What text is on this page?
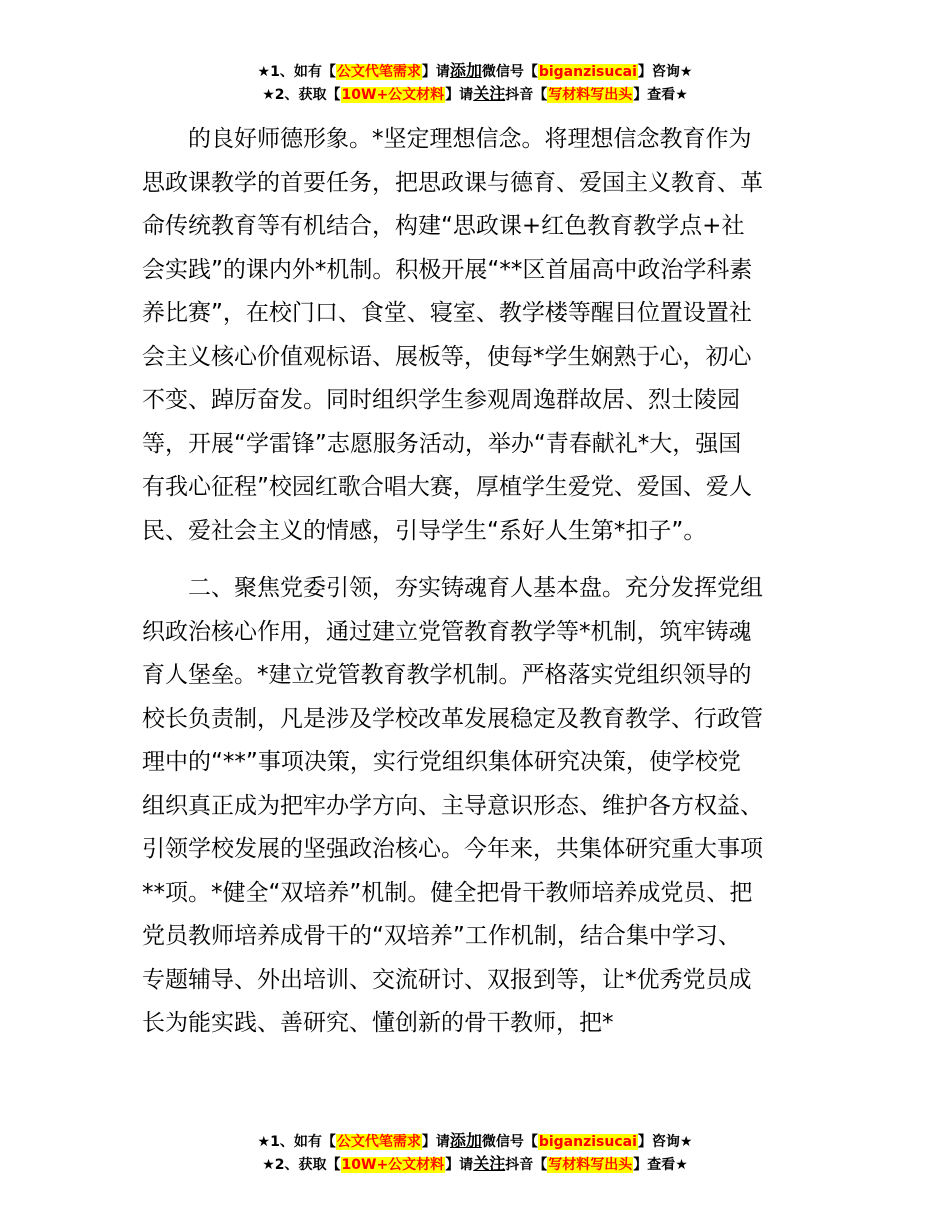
★1、如有【公文代笔需求】请添加微信号【biganzisucai】咨询★
★2、获取【10W+公文材料】请关注抖音【写材料写出头】查看★

的良好师德形象。*坚定理想信念。将理想信念教育作为
思政课教学的首要任务，把思政课与德育、爱国主义教育、革
命传统教育等有机结合，构建“思政课+红色教育教学点+社
会实践”的课内外*机制。积极开展“**区首届高中政治学科素
养比赛”，在校门口、食堂、寝室、教学楼等醒目位置设置社
会主义核心价值观标语、展板等，使每*学生娴熟于心，初心
不变、踔厉奋发。同时组织学生参观周逸群故居、烈士陵园
等，开展“学雷锋”志愿服务活动，举办“青春献礼*大，强国
有我心征程”校园红歌合唱大赛，厚植学生爱党、爱国、爱人
民、爱社会主义的情感，引导学生“系好人生第*扣子”。

二、聚焦党委引领，夯实铸魂育人基本盘。充分发挥党组
织政治核心作用，通过建立党管教育教学等*机制，筑牢铸魂
育人堡垒。*建立党管教育教学机制。严格落实党组织领导的
校长负责制，凡是涉及学校改革发展稳定及教育教学、行政管
理中的“**”事项决策，实行党组织集体研究决策，使学校党
组织真正成为把牢办学方向、主导意识形态、维护各方权益、
引领学校发展的坚强政治核心。今年来，共集体研究重大事项
**项。*健全“双培养”机制。健全把骨干教师培养成党员、把
党员教师培养成骨干的“双培养”工作机制，结合集中学习、
专题辅导、外出培训、交流研讨、双报到等，让*优秀党员成
长为能实践、善研究、懂创新的骨干教师，把*

★1、如有【公文代笔需求】请添加微信号【biganzisucai】咨询★
★2、获取【10W+公文材料】请关注抖音【写材料写出头】查看★
